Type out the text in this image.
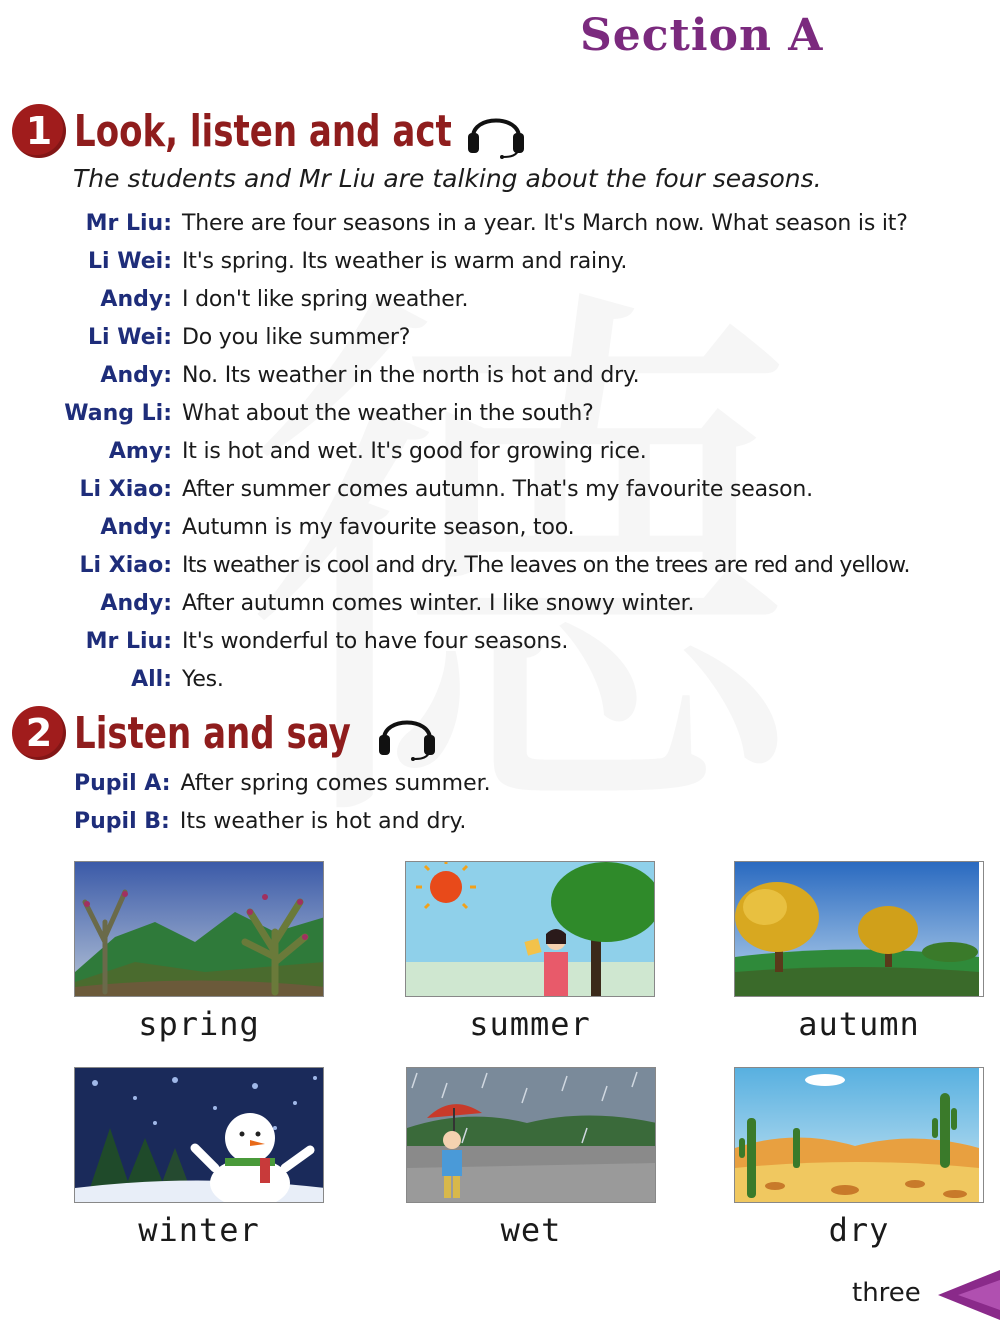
Section A
1 Look, listen and act
The students and Mr Liu are talking about the four seasons.
Mr Liu: There are four seasons in a year. It's March now. What season is it?
Li Wei: It's spring. Its weather is warm and rainy.
Andy: I don't like spring weather.
Li Wei: Do you like summer?
Andy: No. Its weather in the north is hot and dry.
Wang Li: What about the weather in the south?
Amy: It is hot and wet. It's good for growing rice.
Li Xiao: After summer comes autumn. That's my favourite season.
Andy: Autumn is my favourite season, too.
Li Xiao: Its weather is cool and dry. The leaves on the trees are red and yellow.
Andy: After autumn comes winter. I like snowy winter.
Mr Liu: It's wonderful to have four seasons.
All: Yes.
2 Listen and say
Pupil A: After spring comes summer.
Pupil B: Its weather is hot and dry.
spring	summer	autumn
winter	wet	dry
three
